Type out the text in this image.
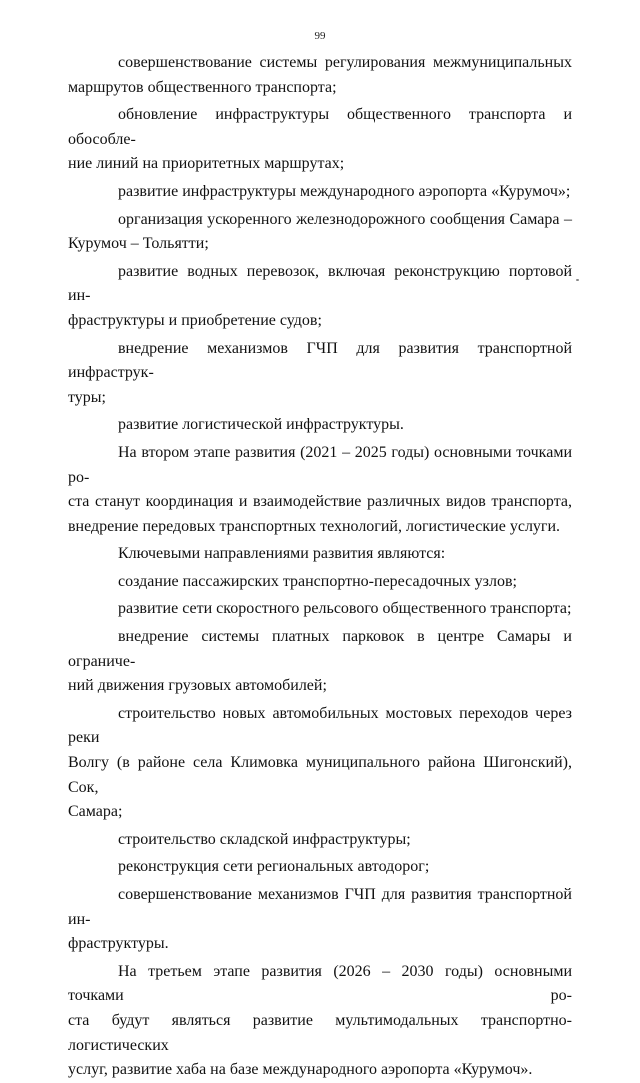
99
совершенствование системы регулирования межмуниципальных
маршрутов общественного транспорта;
обновление инфраструктуры общественного транспорта и обособле-
ние линий на приоритетных маршрутах;
развитие инфраструктуры международного аэропорта «Курумоч»;
организация ускоренного железнодорожного сообщения Самара –
Курумоч – Тольятти;
развитие водных перевозок, включая реконструкцию портовой ин-
фраструктуры и приобретение судов;
внедрение механизмов ГЧП для развития транспортной инфраструк-
туры;
развитие логистической инфраструктуры.
На втором этапе развития (2021 – 2025 годы) основными точками ро-
ста станут координация и взаимодействие различных видов транспорта,
внедрение передовых транспортных технологий, логистические услуги.
Ключевыми направлениями развития являются:
создание пассажирских транспортно-пересадочных узлов;
развитие сети скоростного рельсового общественного транспорта;
внедрение системы платных парковок в центре Самары и ограниче-
ний движения грузовых автомобилей;
строительство новых автомобильных мостовых переходов через реки
Волгу (в районе села Климовка муниципального района Шигонский), Сок,
Самара;
строительство складской инфраструктуры;
реконструкция сети региональных автодорог;
совершенствование механизмов ГЧП для развития транспортной ин-
фраструктуры.
На третьем этапе развития (2026 – 2030 годы) основными точками ро-
ста будут являться развитие мультимодальных транспортно-логистических
услуг, развитие хаба на базе международного аэропорта «Курумоч».
